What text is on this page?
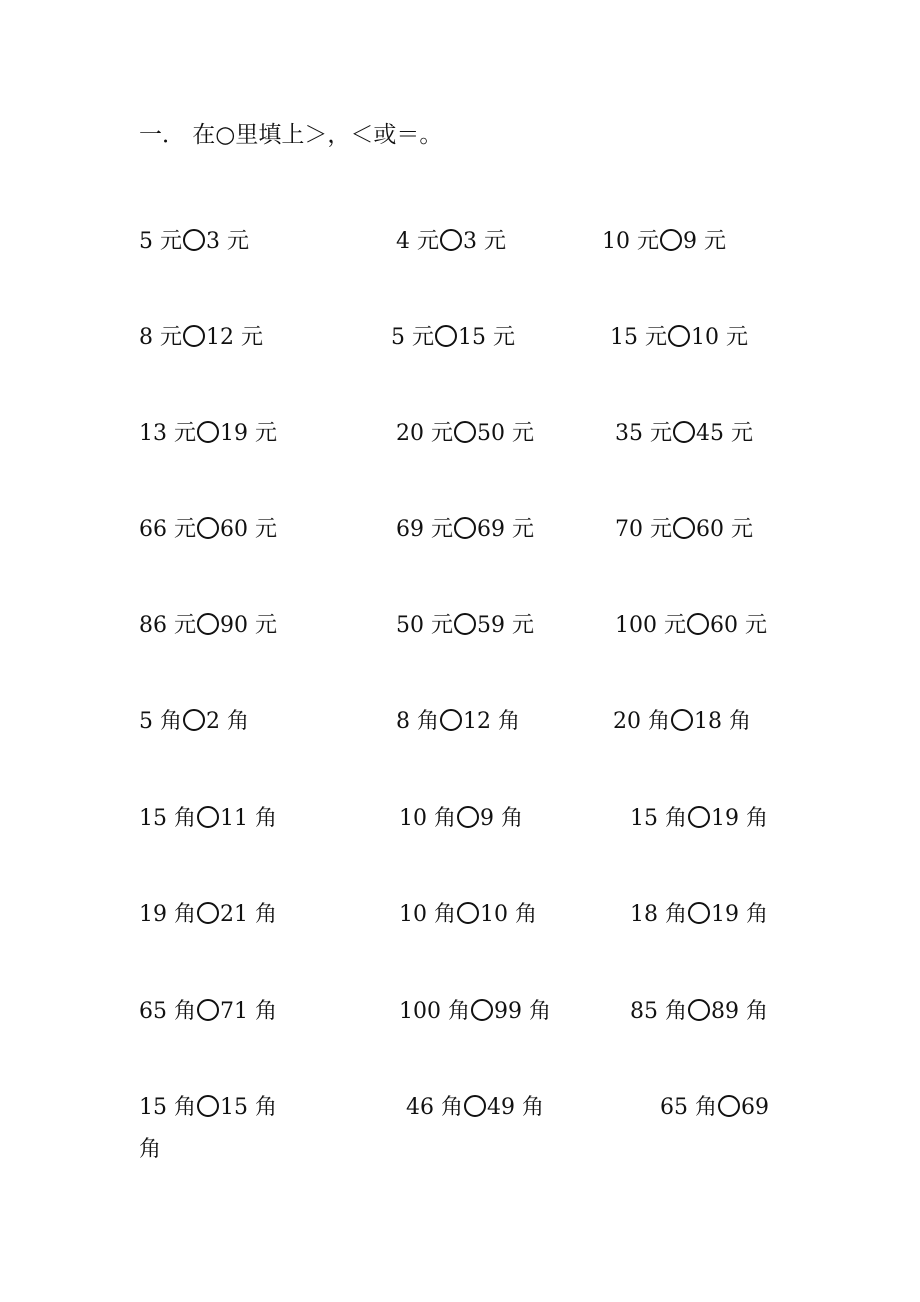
一． 在○里填上＞，＜或＝。
5 元 3 元	4 元 3 元	10 元 9 元
8 元 12 元	5 元 15 元	15 元 10 元
13 元 19 元	20 元 50 元	35 元 45 元
66 元 60 元	69 元 69 元	70 元 60 元
86 元 90 元	50 元 59 元	100 元 60 元
5 角 2 角	8 角 12 角	20 角 18 角
15 角 11 角	10 角 9 角	15 角 19 角
19 角 21 角	10 角 10 角	18 角 19 角
65 角 71 角	100 角 99 角	85 角 89 角
15 角 15 角	46 角 49 角	65 角 69
角
